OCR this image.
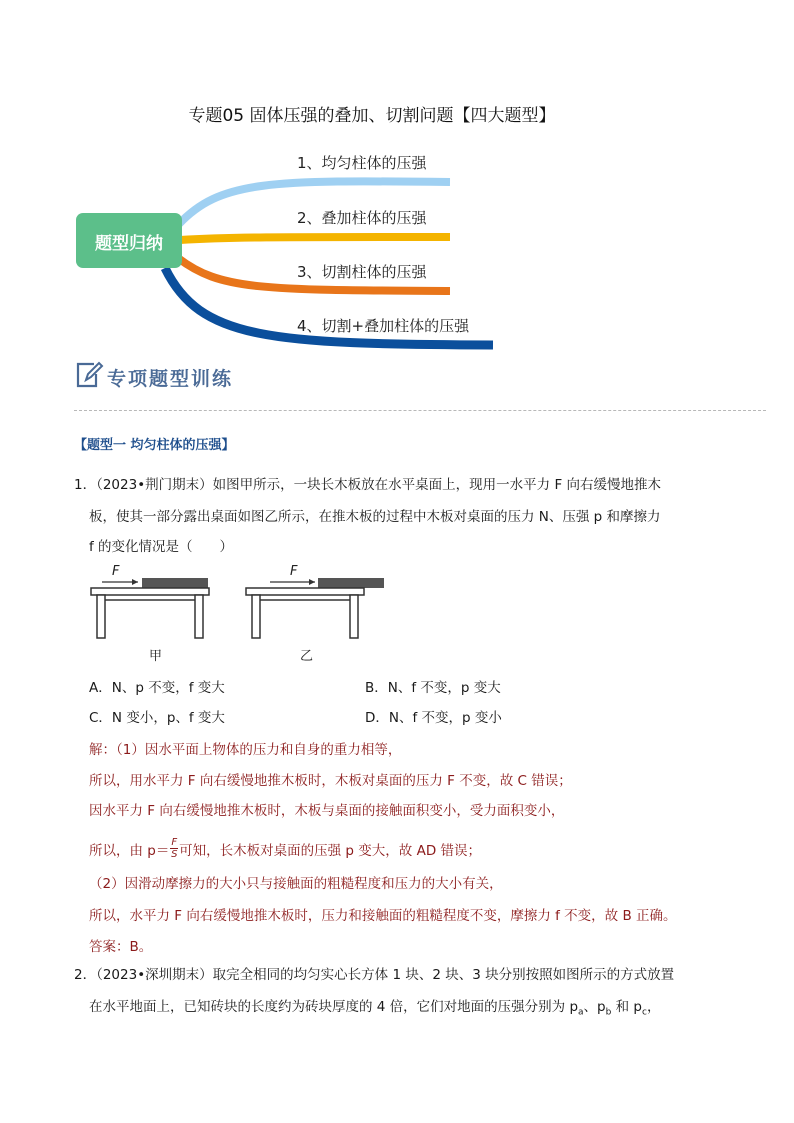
专题05 固体压强的叠加、切割问题【四大题型】
题型归纳
1、均匀柱体的压强
2、叠加柱体的压强
3、切割柱体的压强
4、切割+叠加柱体的压强
专项题型训练
【题型一 均匀柱体的压强】
1．（2023•荆门期末）如图甲所示，一块长木板放在水平桌面上，现用一水平力 F 向右缓慢地推木
板，使其一部分露出桌面如图乙所示，在推木板的过程中木板对桌面的压力 N、压强 p 和摩擦力
f 的变化情况是（　　）
F	F
甲	乙
A．N、p 不变，f 变大	B．N、f 不变，p 变大
C．N 变小，p、f 变大	D．N、f 不变，p 变小
解：（1）因水平面上物体的压力和自身的重力相等，
所以，用水平力 F 向右缓慢地推木板时，木板对桌面的压力 F 不变，故 C 错误；
因水平力 F 向右缓慢地推木板时，木板与桌面的接触面积变小，受力面积变小，
所以，由 $p= \frac{F}{S}$ 可知，长木板对桌面的压强 p 变大，故 AD 错误；
（2）因滑动摩擦力的大小只与接触面的粗糙程度和压力的大小有关，
所以，水平力 F 向右缓慢地推木板时，压力和接触面的粗糙程度不变，摩擦力 f 不变，故 B 正确。
答案：B。
2．（2023•深圳期末）取完全相同的均匀实心长方体 1 块、2 块、3 块分别按照如图所示的方式放置
在水平地面上，已知砖块的长度约为砖块厚度的 4 倍，它们对地面的压强分别为 $p_a$、$p_b$ 和 $p_c$，
